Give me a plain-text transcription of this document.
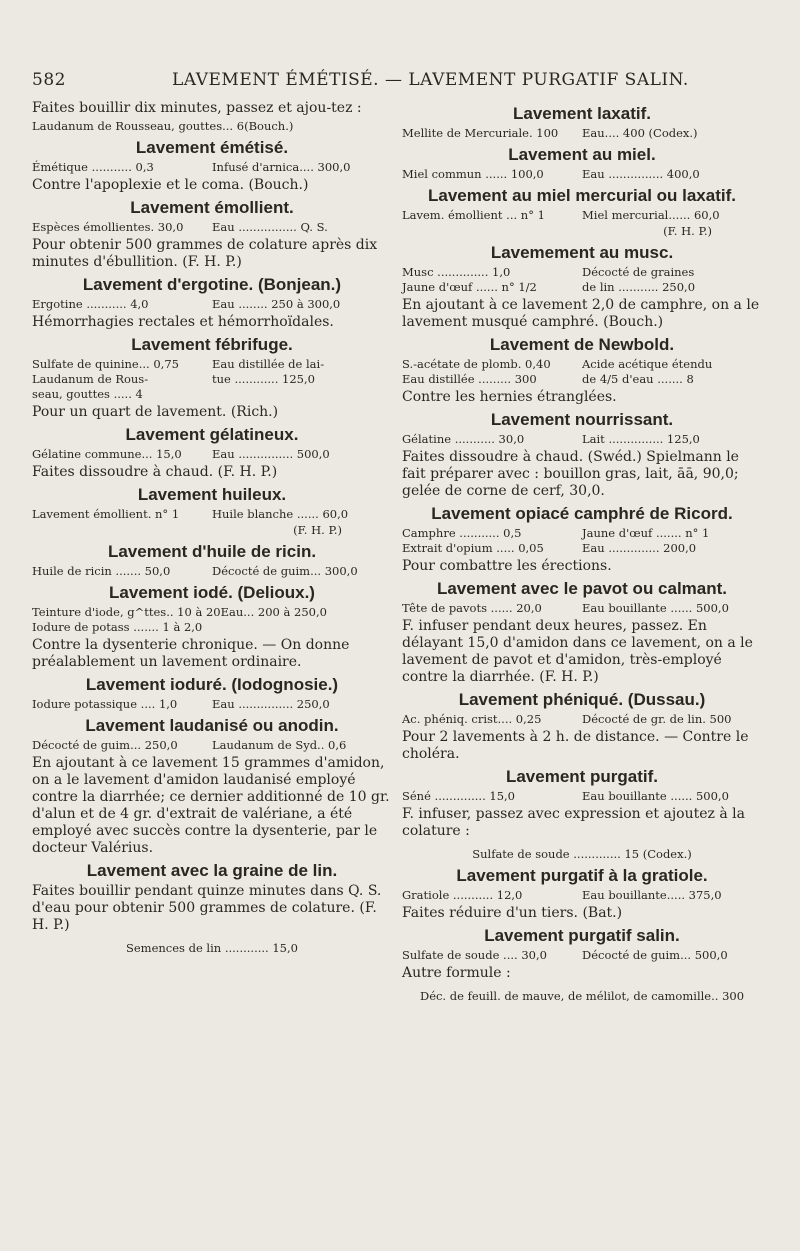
582	LAVEMENT ÉMÉTISÉ. — LAVEMENT PURGATIF SALIN.

Faites bouillir dix minutes, passez et ajou-tez :

Laudanum de Rousseau, gouttes... 6 (Bouch.)
Lavement émétisé.
Émétique ........... 0,3	Infusé d'arnica.... 300,0

Contre l'apoplexie et le coma. (Bouch.)

Lavement émollient.
Espèces émollientes. 30,0	Eau ................ Q. S.

Pour obtenir 500 grammes de colature après dix minutes d'ébullition. (F. H. P.)

Lavement d'ergotine. (Bonjean.)
Ergotine ........... 4,0	Eau ........ 250 à 300,0

Hémorrhagies rectales et hémorrhoïdales.

Lavement fébrifuge.
Sulfate de quinine... 0,75	Eau distillée de lai-
Laudanum de Rous-	tue ............ 125,0
seau, gouttes ..... 4

Pour un quart de lavement. (Rich.)

Lavement gélatineux.
Gélatine commune... 15,0	Eau ............... 500,0

Faites dissoudre à chaud. (F. H. P.)

Lavement huileux.
Lavement émollient. n° 1	Huile blanche ...... 60,0
(F. H. P.)
Lavement d'huile de ricin.
Huile de ricin ....... 50,0	Décocté de guim... 300,0
Lavement iodé. (Delioux.)
Teinture d'iode, g^ttes.. 10 à 20 Eau... 200 à 250,0
Iodure de potass ....... 1 à 2,0

Contre la dysenterie chronique. — On donne préalablement un lavement ordinaire.

Lavement ioduré. (Iodognosie.)
Iodure potassique .... 1,0	Eau ............... 250,0
Lavement laudanisé ou anodin.
Décocté de guim... 250,0	Laudanum de Syd.. 0,6

En ajoutant à ce lavement 15 grammes d'amidon, on a le lavement d'amidon laudanisé employé contre la diarrhée; ce dernier additionné de 10 gr. d'alun et de 4 gr. d'extrait de valériane, a été employé avec succès contre la dysenterie, par le docteur Valérius.

Lavement avec la graine de lin.

Faites bouillir pendant quinze minutes dans Q. S. d'eau pour obtenir 500 grammes de colature. (F. H. P.)

Semences de lin ............ 15,0
Lavement laxatif.
Mellite de Mercuriale. 100	Eau.... 400 (Codex.)
Lavement au miel.
Miel commun ...... 100,0	Eau ............... 400,0
Lavement au miel mercurial ou laxatif.
Lavem. émollient ... n° 1	Miel mercurial...... 60,0
(F. H. P.)
Lavemement au musc.
Musc .............. 1,0	Décocté de graines
Jaune d'œuf ...... n° 1/2	de lin ........... 250,0

En ajoutant à ce lavement 2,0 de camphre, on a le lavement musqué camphré. (Bouch.)

Lavement de Newbold.
S.-acétate de plomb. 0,40	Acide acétique étendu
Eau distillée ......... 300	de 4/5 d'eau ....... 8

Contre les hernies étranglées.

Lavement nourrissant.
Gélatine ........... 30,0	Lait ............... 125,0

Faites dissoudre à chaud. (Swéd.) Spielmann le fait préparer avec : bouillon gras, lait, āā, 90,0; gelée de corne de cerf, 30,0.

Lavement opiacé camphré de Ricord.
Camphre ........... 0,5	Jaune d'œuf ....... n° 1
Extrait d'opium ..... 0,05	Eau .............. 200,0

Pour combattre les érections.

Lavement avec le pavot ou calmant.
Tête de pavots ...... 20,0	Eau bouillante ...... 500,0

F. infuser pendant deux heures, passez. En délayant 15,0 d'amidon dans ce lavement, on a le lavement de pavot et d'amidon, très-employé contre la diarrhée. (F. H. P.)

Lavement phéniqué. (Dussau.)
Ac. phéniq. crist.... 0,25	Décocté de gr. de lin. 500

Pour 2 lavements à 2 h. de distance. — Contre le choléra.

Lavement purgatif.
Séné .............. 15,0	Eau bouillante ...... 500,0

F. infuser, passez avec expression et ajoutez à la colature :

Sulfate de soude ............. 15 (Codex.)
Lavement purgatif à la gratiole.
Gratiole ........... 12,0	Eau bouillante..... 375,0

Faites réduire d'un tiers. (Bat.)

Lavement purgatif salin.
Sulfate de soude .... 30,0	Décocté de guim... 500,0

Autre formule :

Déc. de feuill. de mauve, de mélilot, de camomille.. 300
